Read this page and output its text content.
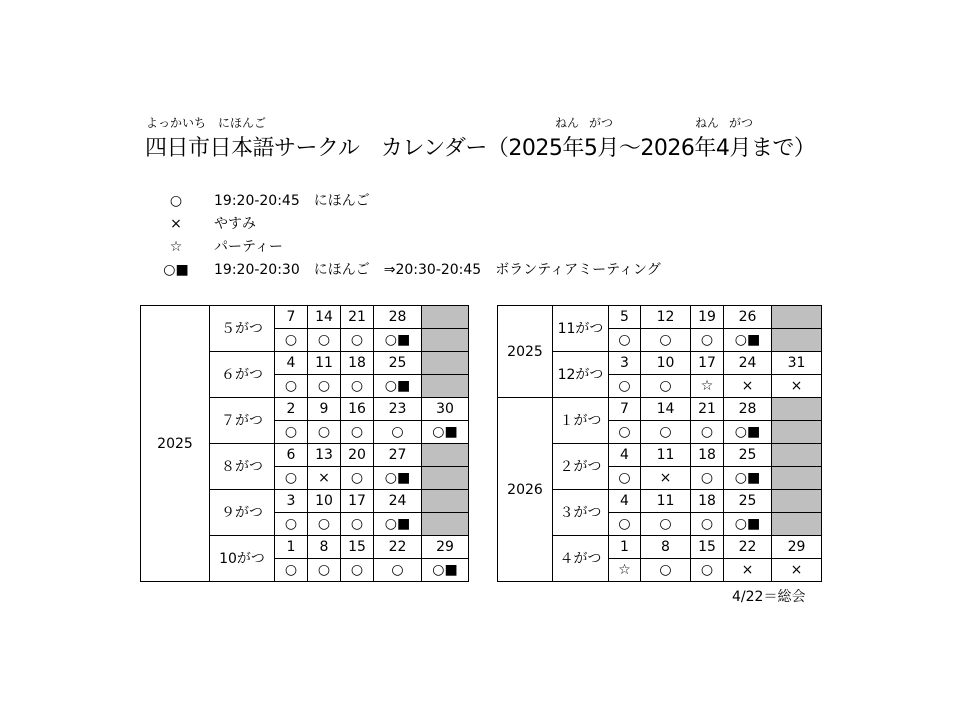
よっかいち にほんご	ねん がつ	ねん がつ
四日市日本語サークル　カレンダー（2025年5月～2026年4月まで）
○	19:20-20:45　にほんご
×	やすみ
☆	パーティー
○■ 19:20-20:30　にほんご　⇒20:30-20:45　ボランティアミーティング
2025	５がつ	7	14	21	28	
		○	○	○	○■	
	６がつ	4	11	18	25	
		○	○	○	○■	
	７がつ	2	9	16	23	30
		○	○	○	○	○■
	８がつ	6	13	20	27	
		○	×	○	○■	
	９がつ	3	10	17	24	
		○	○	○	○■	
	10がつ	1	8	15	22	29
		○	○	○	○	○■
2025	11がつ	5	12	19	26	
		○	○	○	○■	
	12がつ	3	10	17	24	31
		○	○	☆	×	×
2026	１がつ	7	14	21	28	
		○	○	○	○■	
	２がつ	4	11	18	25	
		○	×	○	○■	
	３がつ	4	11	18	25	
		○	○	○	○■	
	４がつ	1	8	15	22	29
		☆	○	○	×	×
4/22＝総会
